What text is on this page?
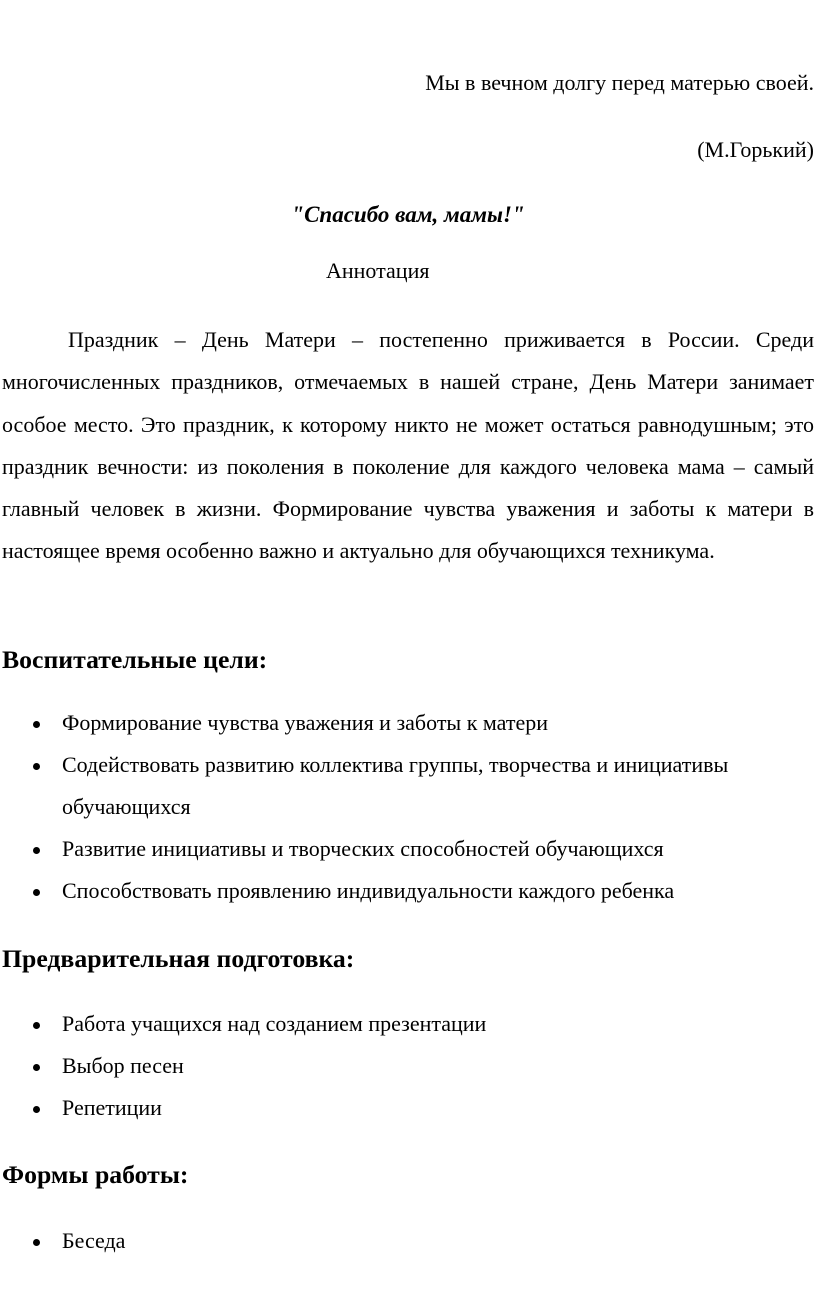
Мы в вечном долгу перед матерью своей.
(М.Горький)
"Спасибо вам, мамы!"
Аннотация

Праздник – День Матери – постепенно приживается в России. Среди многочисленных праздников, отмечаемых в нашей стране, День Матери занимает особое место. Это праздник, к которому никто не может остаться равнодушным; это праздник вечности: из поколения в поколение для каждого человека мама – самый главный человек в жизни. Формирование чувства уважения и заботы к матери в настоящее время особенно важно и актуально для обучающихся техникума.

Воспитательные цели:
Формирование чувства уважения и заботы к матери
Содействовать развитию коллектива группы, творчества и инициативы обучающихся
Развитие инициативы и творческих способностей обучающихся
Способствовать проявлению индивидуальности каждого ребенка
Предварительная подготовка:
Работа учащихся над созданием презентации
Выбор песен
Репетиции
Формы работы:
Беседа
